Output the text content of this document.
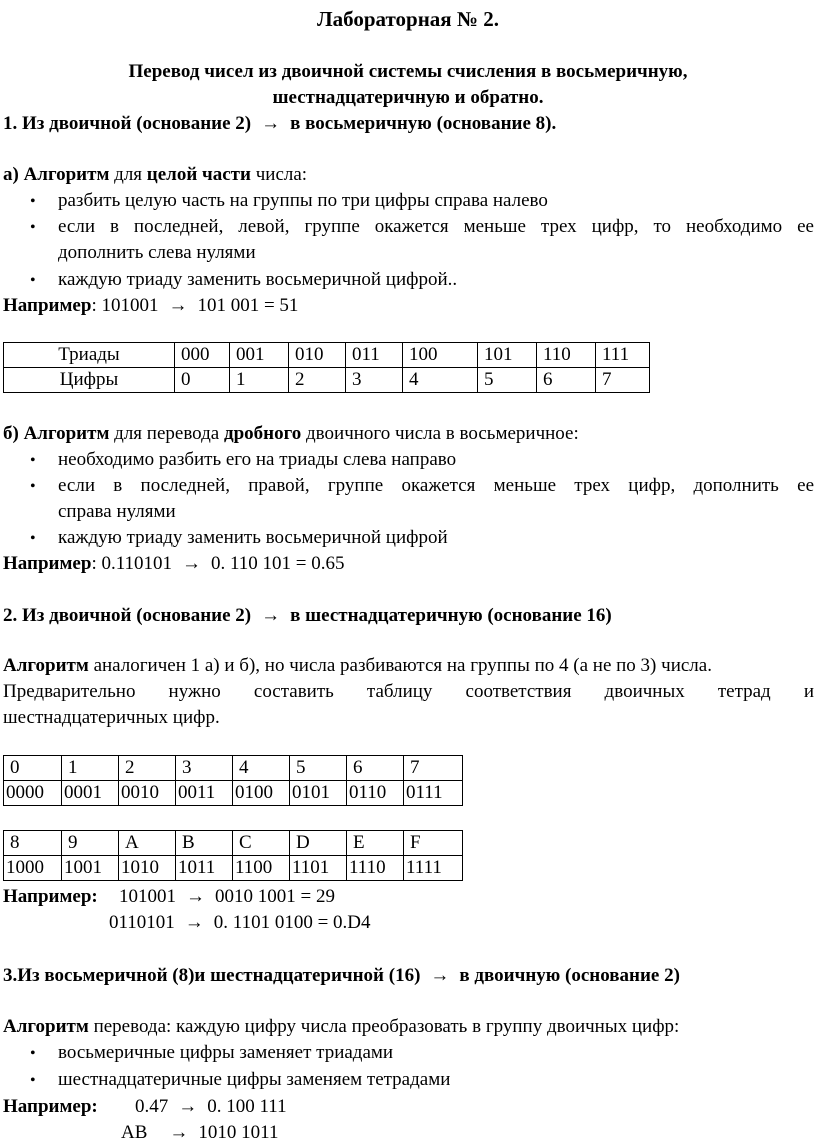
Лабораторная № 2.
Перевод чисел из двоичной системы счисления в восьмеричную,
шестнадцатеричную и обратно.
1. Из двоичной (основание 2) → в восьмеричную (основание 8).
а) Алгоритм для целой части числа:
• разбить целую часть на группы по три цифры справа налево
• если в последней, левой, группе окажется меньше трех цифр, то необходимо ее
дополнить слева нулями
• каждую триаду заменить восьмеричной цифрой..
Например: 101001 → 101 001 = 51
Триады	000	001	010	011	100	101	110	111
Цифры	0	1	2	3	4	5	6	7
б) Алгоритм для перевода дробного двоичного числа в восьмеричное:
• необходимо разбить его на триады слева направо
• если в последней, правой, группе окажется меньше трех цифр, дополнить ее
справа нулями
• каждую триаду заменить восьмеричной цифрой
Например: 0.110101 → 0. 110 101 = 0.65
2. Из двоичной (основание 2) → в шестнадцатеричную (основание 16)
Алгоритм аналогичен 1 а) и б), но числа разбиваются на группы по 4 (а не по 3) числа.
Предварительно нужно составить таблицу соответствия двоичных тетрад и
шестнадцатеричных цифр.
0	1	2	3	4	5	6	7
0000	0001	0010	0011	0100	0101	0110	0111
8	9	A	B	C	D	E	F
1000	1001	1010	1011	1100	1101	1110	1111
Например: 101001 → 0010 1001 = 29
0110101 → 0. 1101 0100 = 0.D4
3.Из восьмеричной (8)и шестнадцатеричной (16) → в двоичную (основание 2)
Алгоритм перевода: каждую цифру числа преобразовать в группу двоичных цифр:
• восьмеричные цифры заменяет триадами
• шестнадцатеричные цифры заменяем тетрадами
Например: 0.47 → 0. 100 111
AB → 1010 1011
